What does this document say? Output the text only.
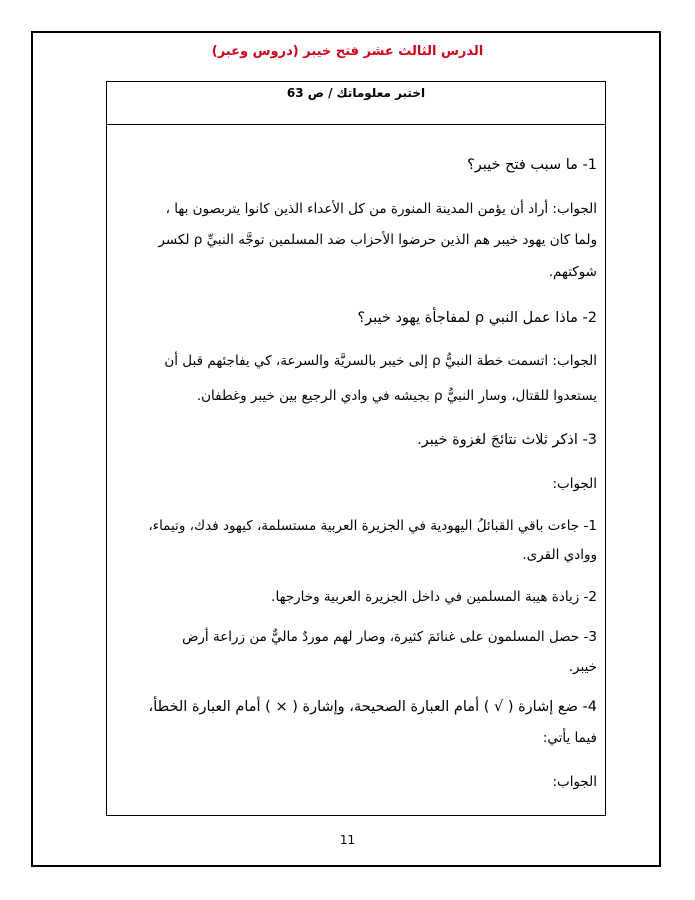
الدرس الثالث عشر فتح خيبر (دروس وعبر)
اختبر معلوماتك / ص 63
1- ما سبب فتح خيبر؟
الجواب: أراد أن يؤمن المدينة المنورة من كل الأعداء الذين كانوا يتربصون بها ،
ولما كان يهود خيبر هم الذين حرضوا الأحزاب ضد المسلمين توجَّه النبيِّ ρ لكسر
شوكتهم.
2- ماذا عمل النبي ρ لمفاجأة يهود خيبر؟
الجواب: اتسمت خطة النبيُّ ρ إلى خيبر بالسريَّة والسرعة، كي يفاجئهم قبل أن
يستعدوا للقتال، وسار النبيُّ ρ بجيشه في وادي الرجيع بين خيبر وغطفان.
3- اذكر ثلاث نتائجَ لغزوة خيبر.
الجواب:
1- جاءت باقي القبائلُ اليهودية في الجزيرة العربية مستسلمة، كيهود فدك، وتيماء،
ووادي القرى.
2- زيادة هيبة المسلمين في داخل الجزيرة العربية وخارجها.
3- حصل المسلمون على غنائمَ كثيرة، وصار لهم موردٌ ماليٌّ من زراعة أرض
خيبر.
4- ضع إشارة ( √ ) أمام العبارة الصحيحة، وإشارة ( × ) أمام العبارة الخطأ،
فيما يأتي:
الجواب:
11
